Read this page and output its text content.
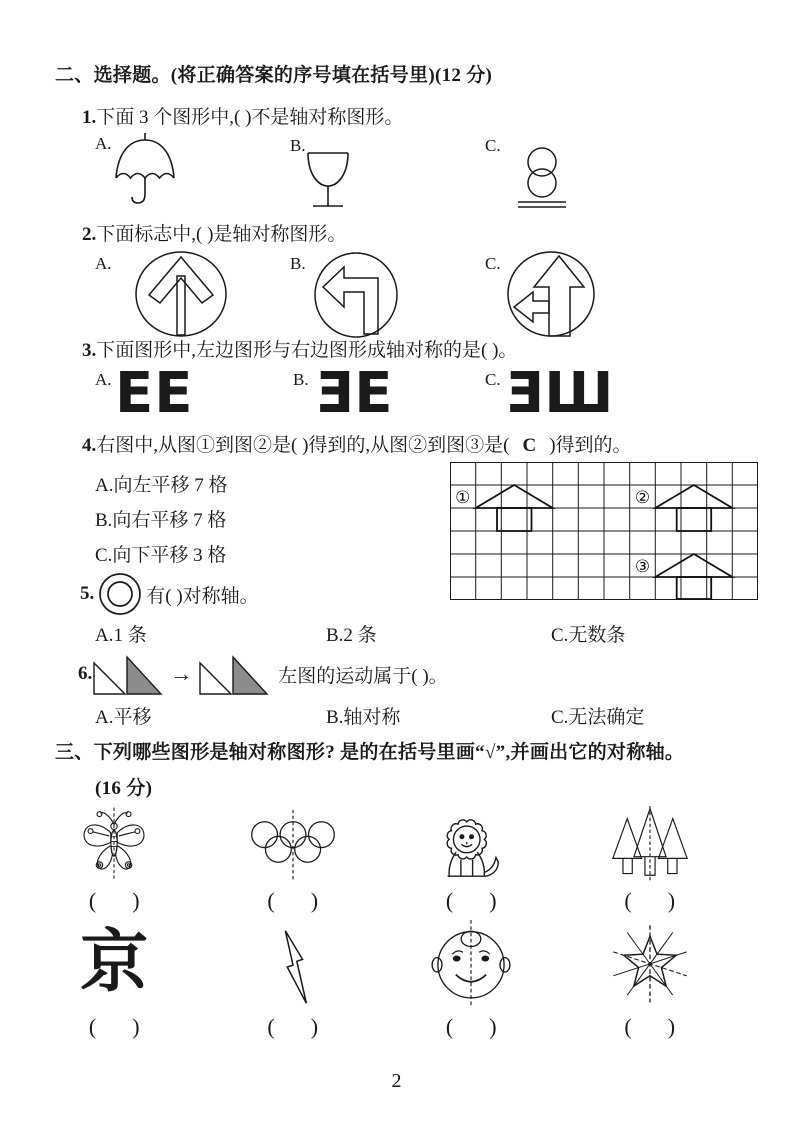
二、选择题。(将正确答案的序号填在括号里)(12 分)
1.下面 3 个图形中,( )不是轴对称图形。
A.	B.	C.
2.下面标志中,( )是轴对称图形。
A.	B.	C.
3.下面图形中,左边图形与右边图形成轴对称的是( )。
A. EE	B. ƎE	C. ƎШ
4.右图中,从图①到图②是( )得到的,从图②到图③是( C )得到的。
A.向左平移 7 格
B.向右平移 7 格
C.向下平移 3 格
①	②
③
5.	有( )对称轴。
A.1 条	B.2 条	C.无数条
6.	→	左图的运动属于( )。
A.平移	B.轴对称	C.无法确定
三、下列哪些图形是轴对称图形? 是的在括号里画“√”,并画出它的对称轴。
(16 分)
( )	( )	( )	( )
京
( )	( )	( )	( )
2
